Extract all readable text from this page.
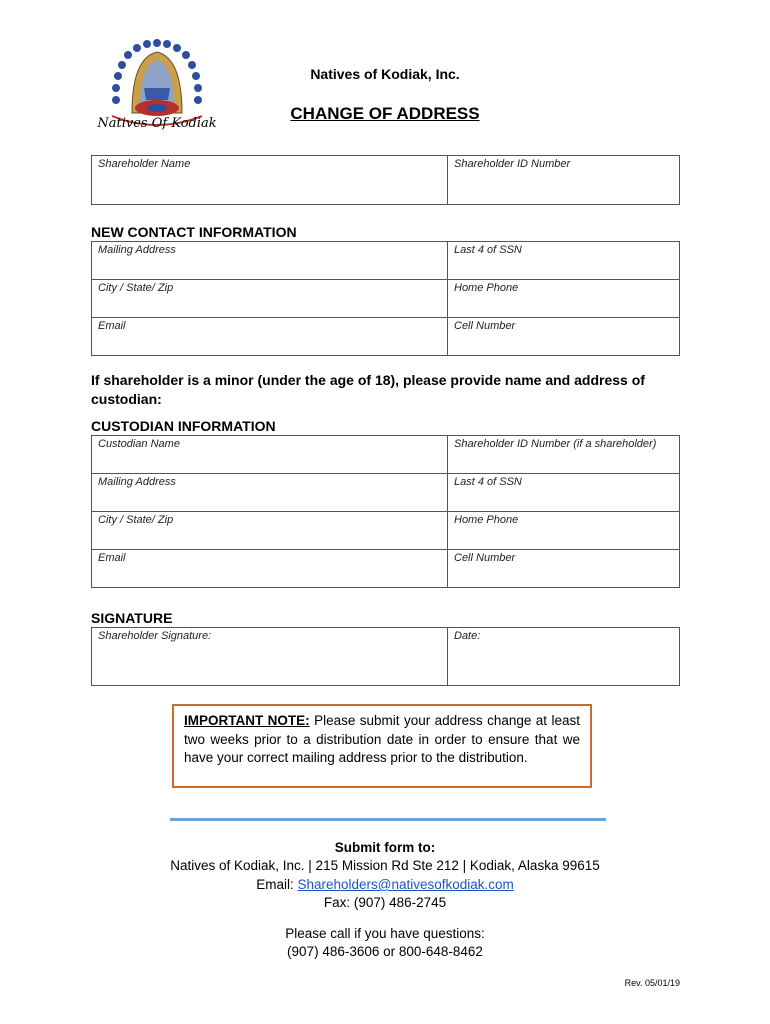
Natives Of Kodiak
Natives of Kodiak, Inc.
CHANGE OF ADDRESS
Shareholder Name	Shareholder ID Number
NEW CONTACT INFORMATION
Mailing Address	Last 4 of SSN
City / State/ Zip	Home Phone
Email	Cell Number
If shareholder is a minor (under the age of 18), please provide name and address of custodian:
CUSTODIAN INFORMATION
Custodian Name	Shareholder ID Number (if a shareholder)
Mailing Address	Last 4 of SSN
City / State/ Zip	Home Phone
Email	Cell Number
SIGNATURE
Shareholder Signature:	Date:
IMPORTANT NOTE: Please submit your address change at least two weeks prior to a distribution date in order to ensure that we have your correct mailing address prior to the distribution.
Submit form to:
Natives of Kodiak, Inc. | 215 Mission Rd Ste 212 | Kodiak, Alaska 99615
Email: Shareholders@nativesofkodiak.com
Fax: (907) 486-2745
Please call if you have questions:
(907) 486-3606 or 800-648-8462
Rev. 05/01/19
